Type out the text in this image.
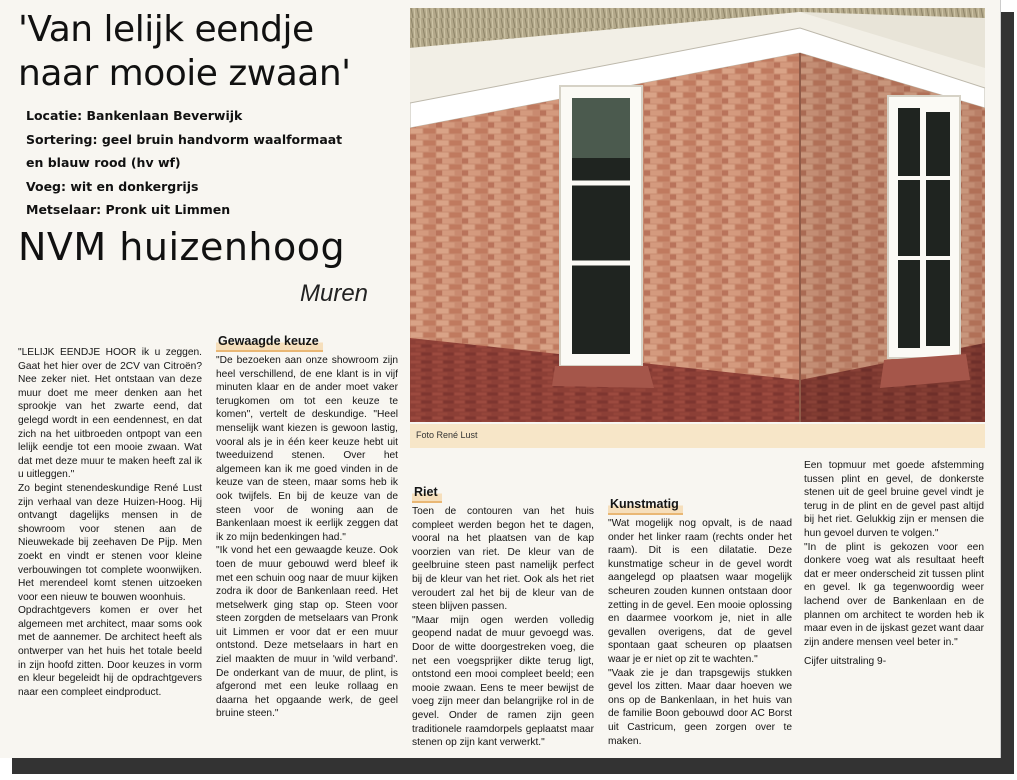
'Van lelijk eendje
naar mooie zwaan'
Locatie: Bankenlaan Beverwijk
Sortering: geel bruin handvorm waalformaat
en blauw rood (hv wf)
Voeg: wit en donkergrijs
Metselaar: Pronk uit Limmen
NVM huizenhoog
Muren
Foto René Lust

"LELIJK EENDJE HOOR ik u zeggen. Gaat het hier over de 2CV van Citroën? Nee zeker niet. Het ontstaan van deze muur doet me meer denken aan het sprookje van het zwarte eend, dat gelegd wordt in een eendennest, en dat zich na het uitbroeden ontpopt van een lelijk eendje tot een mooie zwaan. Wat dat met deze muur te maken heeft zal ik u uitleggen."

Zo begint stenendeskundige René Lust zijn verhaal van deze Huizen-Hoog. Hij ontvangt dagelijks mensen in de showroom voor stenen aan de Nieuwekade bij zeehaven De Pijp. Men zoekt en vindt er stenen voor kleine verbouwingen tot complete woonwijken. Het merendeel komt stenen uitzoeken voor een nieuw te bouwen woonhuis.

Opdrachtgevers komen er over het algemeen met architect, maar soms ook met de aannemer. De architect heeft als ontwerper van het huis het totale beeld in zijn hoofd zitten. Door keuzes in vorm en kleur begeleidt hij de opdrachtgevers naar een compleet eindproduct.

Gewaagde keuze

"De bezoeken aan onze showroom zijn heel verschillend, de ene klant is in vijf minuten klaar en de ander moet vaker terugkomen om tot een keuze te komen", vertelt de deskundige. "Heel menselijk want kiezen is gewoon lastig, vooral als je in één keer keuze hebt uit tweeduizend stenen. Over het algemeen kan ik me goed vinden in de keuze van de steen, maar soms heb ik ook twijfels. En bij de keuze van de steen voor de woning aan de Bankenlaan moest ik eerlijk zeggen dat ik zo mijn bedenkingen had."

"Ik vond het een gewaagde keuze. Ook toen de muur gebouwd werd bleef ik met een schuin oog naar de muur kijken zodra ik door de Bankenlaan reed. Het metselwerk ging stap op. Steen voor steen zorgden de metselaars van Pronk uit Limmen er voor dat er een muur ontstond. Deze metselaars in hart en ziel maakten de muur in 'wild verband'. De onderkant van de muur, de plint, is afgerond met een leuke rollaag en daarna het opgaande werk, de geel bruine steen."

Riet

Toen de contouren van het huis compleet werden begon het te dagen, vooral na het plaatsen van de kap voorzien van riet. De kleur van de geelbruine steen past namelijk perfect bij de kleur van het riet. Ook als het riet veroudert zal het bij de kleur van de steen blijven passen.

"Maar mijn ogen werden volledig geopend nadat de muur gevoegd was. Door de witte doorgestreken voeg, die net een voegsprijker dikte terug ligt, ontstond een mooi compleet beeld; een mooie zwaan. Eens te meer bewijst de voeg zijn meer dan belangrijke rol in de gevel. Onder de ramen zijn geen traditionele raamdorpels geplaatst maar stenen op zijn kant verwerkt."

Kunstmatig

"Wat mogelijk nog opvalt, is de naad onder het linker raam (rechts onder het raam). Dit is een dilatatie. Deze kunstmatige scheur in de gevel wordt aangelegd op plaatsen waar mogelijk scheuren zouden kunnen ontstaan door zetting in de gevel. Een mooie oplossing en daarmee voorkom je, niet in alle gevallen overigens, dat de gevel spontaan gaat scheuren op plaatsen waar je er niet op zit te wachten."

"Vaak zie je dan trapsgewijs stukken gevel los zitten. Maar daar hoeven we ons op de Bankenlaan, in het huis van de familie Boon gebouwd door AC Borst uit Castricum, geen zorgen over te maken.

Een topmuur met goede afstemming tussen plint en gevel, de donkerste stenen uit de geel bruine gevel vindt je terug in de plint en de gevel past altijd bij het riet. Gelukkig zijn er mensen die hun gevoel durven te volgen."

"In de plint is gekozen voor een donkere voeg wat als resultaat heeft dat er meer onderscheid zit tussen plint en gevel. Ik ga tegenwoordig weer lachend over de Bankenlaan en de plannen om architect te worden heb ik maar even in de ijskast gezet want daar zijn andere mensen veel beter in."

Cijfer uitstraling 9-
